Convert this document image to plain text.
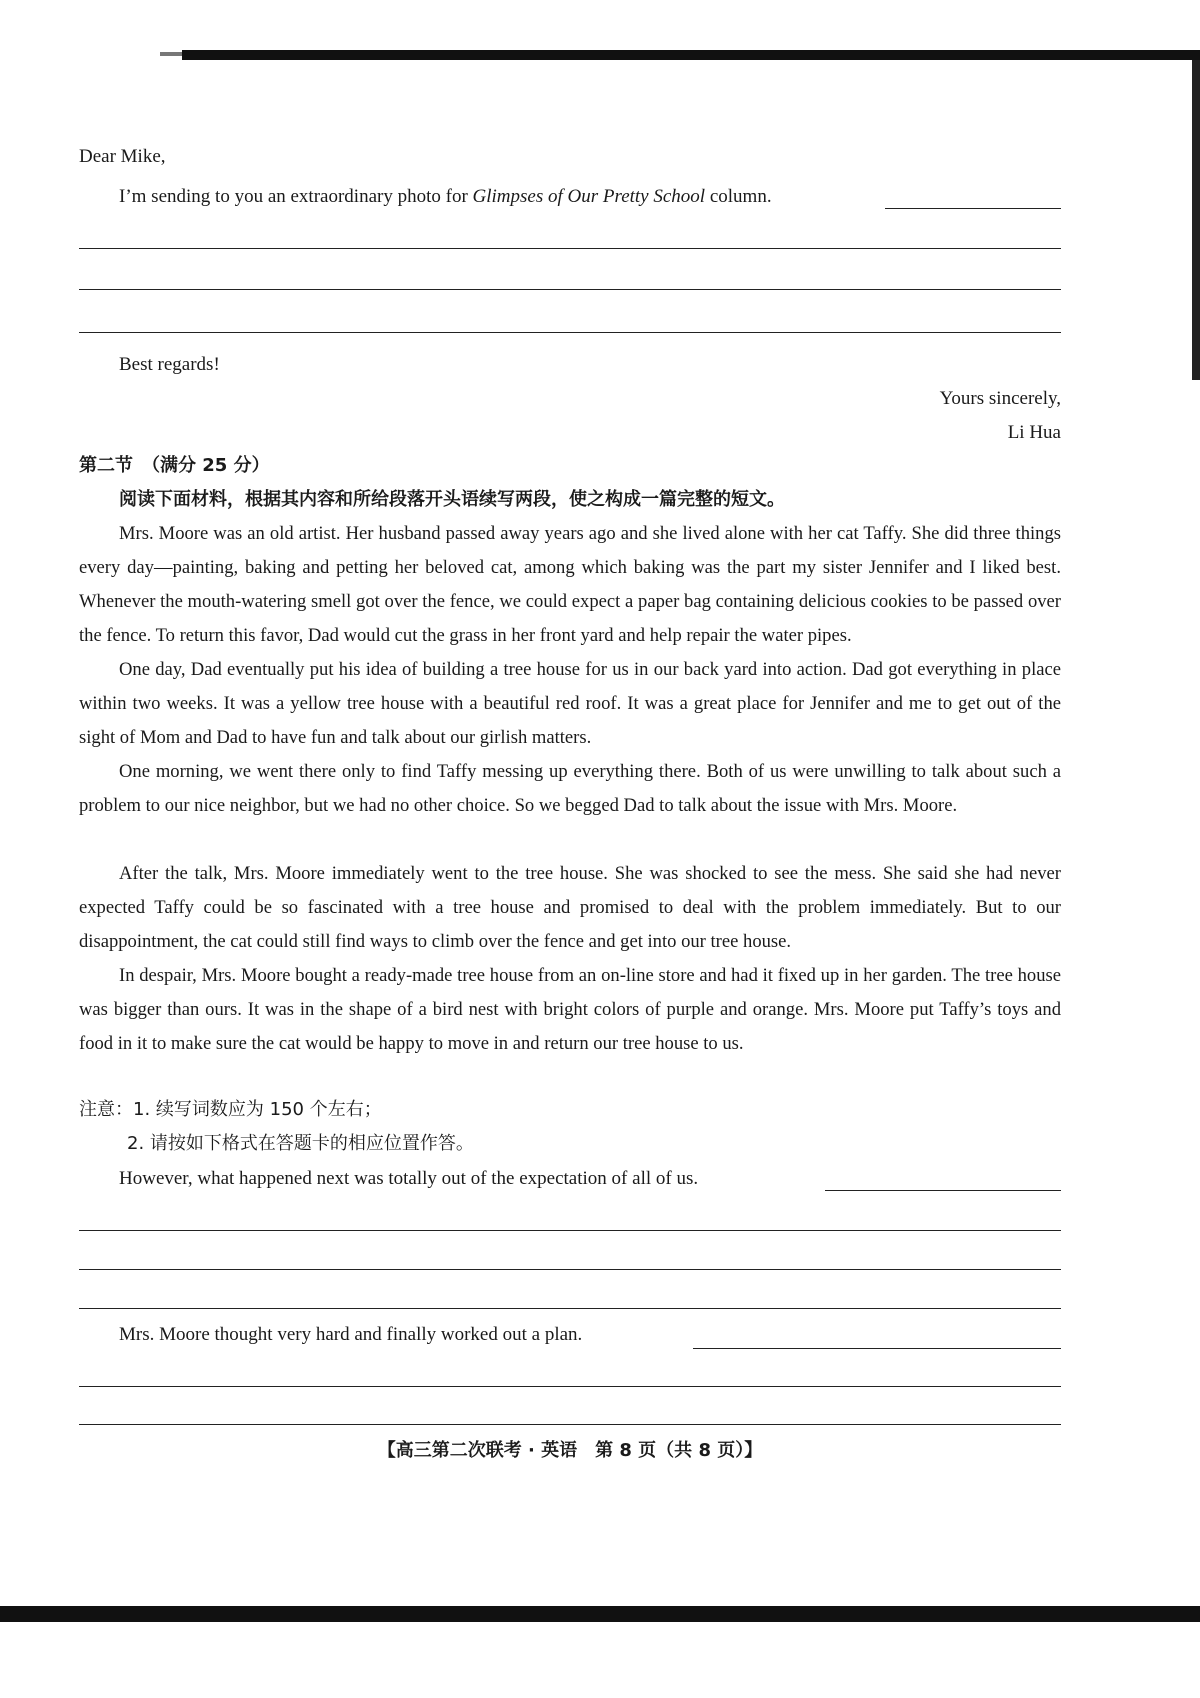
Dear Mike,
I’m sending to you an extraordinary photo for Glimpses of Our Pretty School column.
Best regards!
Yours sincerely,
Li Hua
第二节　（满分 25 分）
阅读下面材料，根据其内容和所给段落开头语续写两段，使之构成一篇完整的短文。
Mrs. Moore was an old artist. Her husband passed away years ago and she lived alone with her cat Taffy. She did three things every day—painting, baking and petting her beloved cat, among which baking was the part my sister Jennifer and I liked best. Whenever the mouth-watering smell got over the fence, we could expect a paper bag containing delicious cookies to be passed over the fence. To return this favor, Dad would cut the grass in her front yard and help repair the water pipes.
One day, Dad eventually put his idea of building a tree house for us in our back yard into action. Dad got everything in place within two weeks. It was a yellow tree house with a beautiful red roof. It was a great place for Jennifer and me to get out of the sight of Mom and Dad to have fun and talk about our girlish matters.
One morning, we went there only to find Taffy messing up everything there. Both of us were unwilling to talk about such a problem to our nice neighbor, but we had no other choice. So we begged Dad to talk about the issue with Mrs. Moore.
After the talk, Mrs. Moore immediately went to the tree house. She was shocked to see the mess. She said she had never expected Taffy could be so fascinated with a tree house and promised to deal with the problem immediately. But to our disappointment, the cat could still find ways to climb over the fence and get into our tree house.
In despair, Mrs. Moore bought a ready-made tree house from an on-line store and had it fixed up in her garden. The tree house was bigger than ours. It was in the shape of a bird nest with bright colors of purple and orange. Mrs. Moore put Taffy’s toys and food in it to make sure the cat would be happy to move in and return our tree house to us.
注意：1. 续写词数应为 150 个左右；
2. 请按如下格式在答题卡的相应位置作答。
However, what happened next was totally out of the expectation of all of us.
Mrs. Moore thought very hard and finally worked out a plan.
【高三第二次联考 · 英语　第 8 页（共 8 页）】
